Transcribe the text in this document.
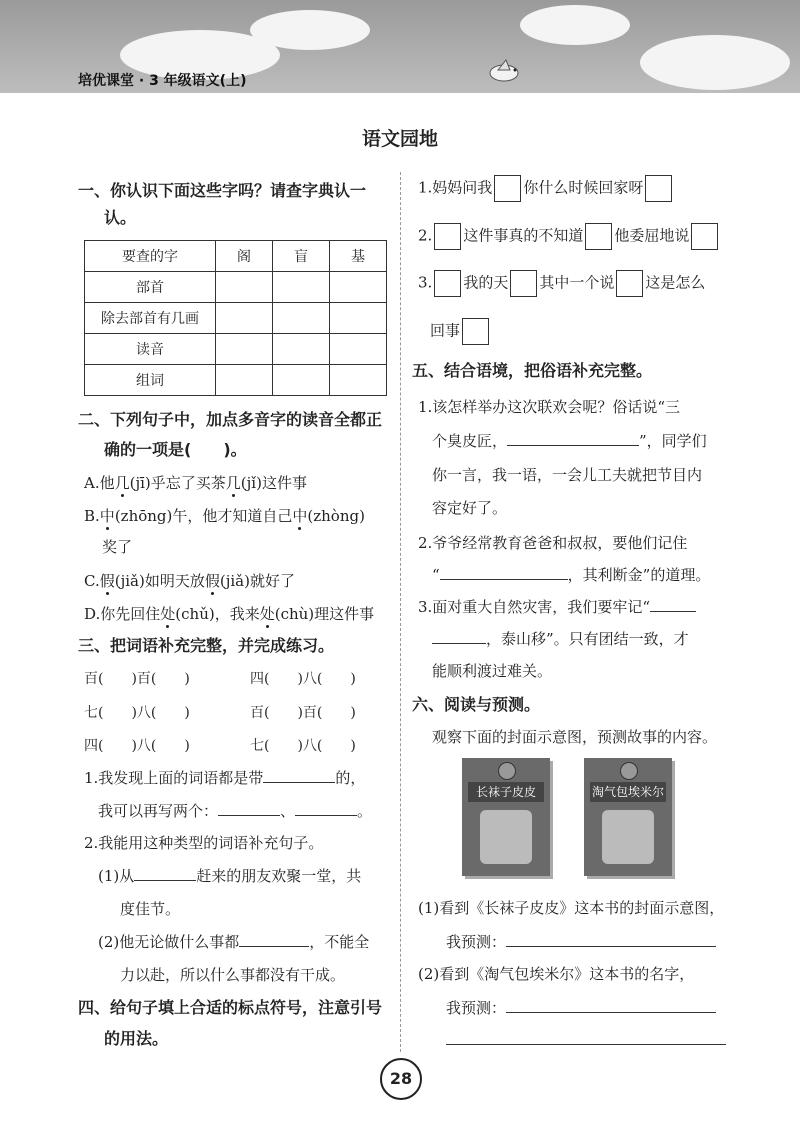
培优课堂 · 3 年级语文(上)
语文园地
一、你认识下面这些字吗？请查字典认一
认。
要查的字	阁	盲	基
部首			
除去部首有几画			
读音			
组词			
二、下列句子中，加点多音字的读音全都正
确的一项是(　　)。
A.他几(jī)乎忘了买茶几(jǐ)这件事
B.中(zhōng)午，他才知道自己中(zhòng)
奖了
C.假(jiǎ)如明天放假(jiǎ)就好了
D.你先回住处(chǔ)，我来处(chù)理这件事
三、把词语补充完整，并完成练习。
百(　　)百(　　)	四(　　)八(　　)
七(　　)八(　　)	百(　　)百(　　)
四(　　)八(　　)	七(　　)八(　　)
1.我发现上面的词语都是带	的，
我可以再写两个：	、	。
2.我能用这种类型的词语补充句子。
(1)从	赶来的朋友欢聚一堂，共
度佳节。
(2)他无论做什么事都	，不能全
力以赴，所以什么事都没有干成。
四、给句子填上合适的标点符号，注意引号
的用法。
1.妈妈问我 你什么时候回家呀
2. 这件事真的不知道 他委屈地说
3. 我的天 其中一个说 这是怎么
回事
五、结合语境，把俗语补充完整。
1.该怎样举办这次联欢会呢？俗话说“三
个臭皮匠，	”，同学们
你一言，我一语，一会儿工夫就把节目内
容定好了。
2.爷爷经常教育爸爸和叔叔，要他们记住
“	，其利断金”的道理。
3.面对重大自然灾害，我们要牢记“
，泰山移”。只有团结一致，才
能顺利渡过难关。
六、阅读与预测。
观察下面的封面示意图，预测故事的内容。
长袜子皮皮	淘气包埃米尔
(1)看到《长袜子皮皮》这本书的封面示意图，
我预测：
(2)看到《淘气包埃米尔》这本书的名字，
我预测：
28
